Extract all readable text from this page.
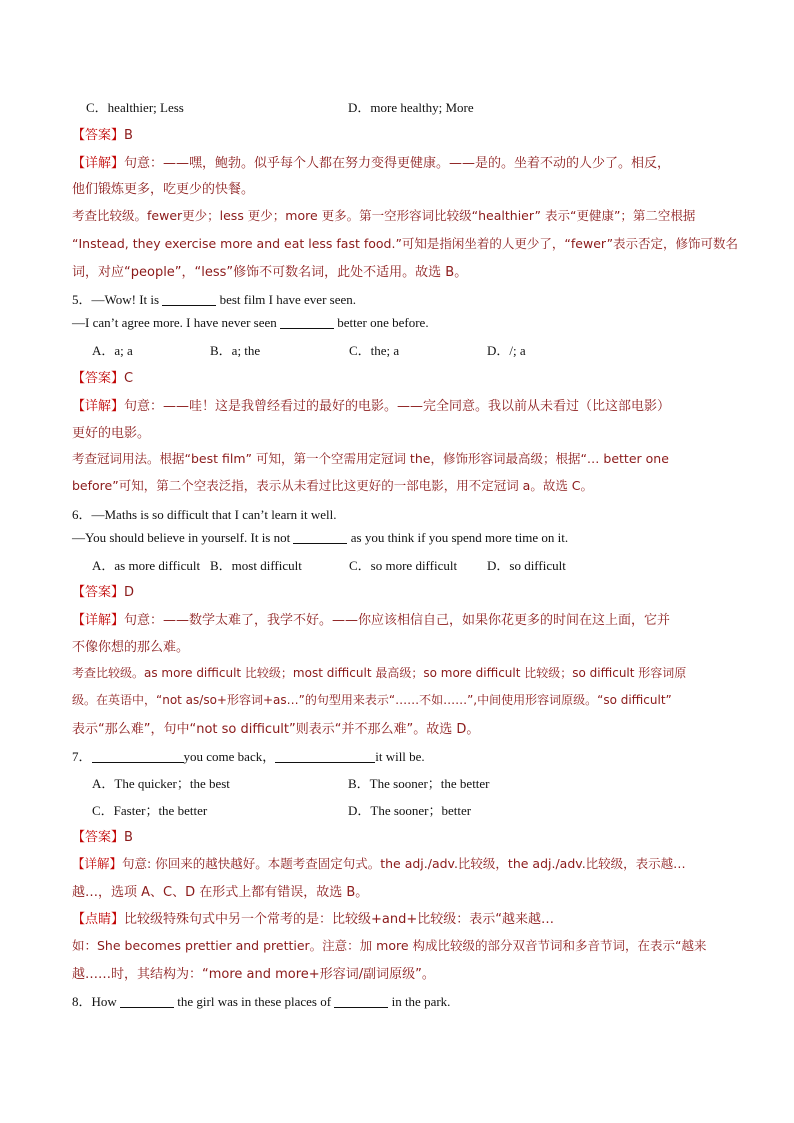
C．healthier; Less	D．more healthy; More
【答案】B
【详解】句意：——嘿，鲍勃。似乎每个人都在努力变得更健康。——是的。坐着不动的人少了。相反，
他们锻炼更多，吃更少的快餐。
考查比较级。fewer更少；less 更少；more 更多。第一空形容词比较级“healthier” 表示“更健康”；第二空根据
“Instead, they exercise more and eat less fast food.”可知是指闲坐着的人更少了，“fewer”表示否定，修饰可数名
词，对应“people”，“less”修饰不可数名词，此处不适用。故选 B。
5．—Wow! It is	best film I have ever seen.
—I can’t agree more. I have never seen	better one before.
A．a; a	B．a; the	C．the; a	D．/; a
【答案】C
【详解】句意：——哇！这是我曾经看过的最好的电影。——完全同意。我以前从未看过（比这部电影）
更好的电影。
考查冠词用法。根据“best film” 可知，第一个空需用定冠词 the，修饰形容词最高级；根据“… better one
before”可知，第二个空表泛指，表示从未看过比这更好的一部电影，用不定冠词 a。故选 C。
6．—Maths is so difficult that I can’t learn it well.
—You should believe in yourself. It is not	as you think if you spend more time on it.
A．as more difficult B．most difficult	C．so more difficult D．so difficult
【答案】D
【详解】句意：——数学太难了，我学不好。——你应该相信自己，如果你花更多的时间在这上面，它并
不像你想的那么难。
考查比较级。as more difficult 比较级；most difficult 最高级；so more difficult 比较级；so difficult 形容词原
级。在英语中，“not as/so+形容词+as…”的句型用来表示“……不如……”,中间使用形容词原级。“so difficult”
表示“那么难”，句中“not so difficult”则表示“并不那么难”。故选 D。
7．	you come back，	it will be.
A．The quicker；the best	B．The sooner；the better
C．Faster；the better	D．The sooner；better
【答案】B
【详解】句意: 你回来的越快越好。本题考查固定句式。the adj./adv.比较级，the adj./adv.比较级，表示越…
越…，选项 A、C、D 在形式上都有错误，故选 B。
【点睛】比较级特殊句式中另一个常考的是：比较级+and+比较级：表示“越来越…
如：She becomes prettier and prettier。注意：加 more 构成比较级的部分双音节词和多音节词，在表示“越来
越……时，其结构为：“more and more+形容词/副词原级”。
8．How	the girl was in these places of	in the park.
